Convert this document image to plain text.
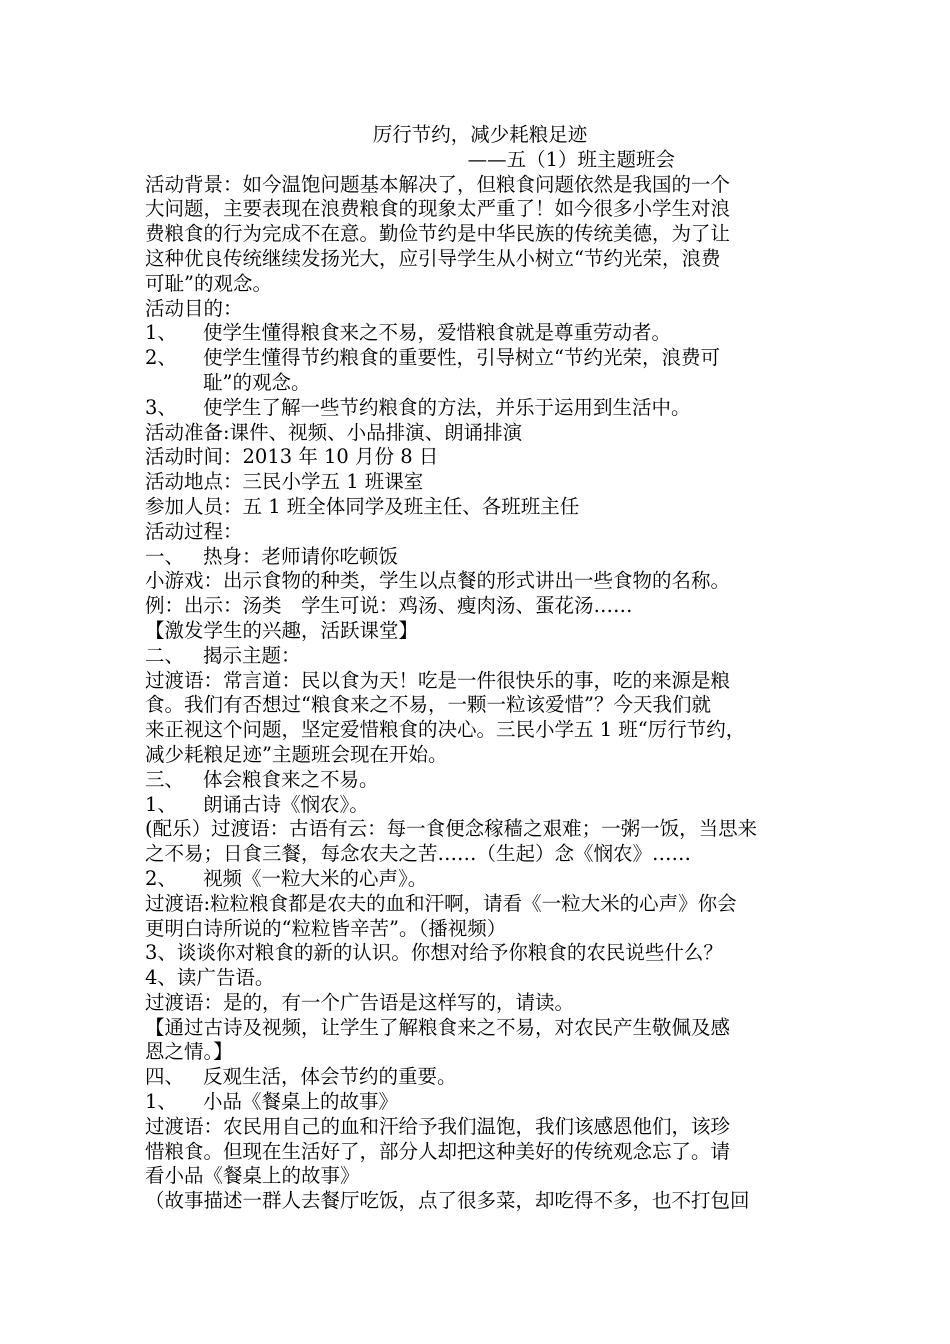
厉行节约，减少耗粮足迹
——五（1）班主题班会
活动背景：如今温饱问题基本解决了，但粮食问题依然是我国的一个
大问题，主要表现在浪费粮食的现象太严重了！如今很多小学生对浪
费粮食的行为完成不在意。勤俭节约是中华民族的传统美德，为了让
这种优良传统继续发扬光大，应引导学生从小树立“节约光荣，浪费
可耻”的观念。
活动目的：
1、 使学生懂得粮食来之不易，爱惜粮食就是尊重劳动者。
2、 使学生懂得节约粮食的重要性，引导树立“节约光荣，浪费可
耻”的观念。
3、 使学生了解一些节约粮食的方法，并乐于运用到生活中。
活动准备:课件、视频、小品排演、朗诵排演
活动时间：2013 年 10 月份 8 日
活动地点：三民小学五 1 班课室
参加人员：五 1 班全体同学及班主任、各班班主任
活动过程：
一、 热身：老师请你吃顿饭
小游戏：出示食物的种类，学生以点餐的形式讲出一些食物的名称。
例：出示：汤类　学生可说：鸡汤、瘦肉汤、蛋花汤……
【激发学生的兴趣，活跃课堂】
二、 揭示主题：
过渡语：常言道：民以食为天！吃是一件很快乐的事，吃的来源是粮
食。我们有否想过“粮食来之不易，一颗一粒该爱惜”？今天我们就
来正视这个问题，坚定爱惜粮食的决心。三民小学五 1 班“厉行节约，
减少耗粮足迹”主题班会现在开始。
三、 体会粮食来之不易。
1、 朗诵古诗《悯农》。
(配乐）过渡语：古语有云：每一食便念稼穑之艰难；一粥一饭，当思来
之不易；日食三餐，每念农夫之苦……（生起）念《悯农》……
2、 视频《一粒大米的心声》。
过渡语:粒粒粮食都是农夫的血和汗啊，请看《一粒大米的心声》你会
更明白诗所说的“粒粒皆辛苦”。（播视频）
3、谈谈你对粮食的新的认识。你想对给予你粮食的农民说些什么？
4、读广告语。
过渡语：是的，有一个广告语是这样写的，请读。
【通过古诗及视频，让学生了解粮食来之不易，对农民产生敬佩及感
恩之情。】
四、 反观生活，体会节约的重要。
1、 小品《餐桌上的故事》
过渡语：农民用自己的血和汗给予我们温饱，我们该感恩他们，该珍
惜粮食。但现在生活好了，部分人却把这种美好的传统观念忘了。请
看小品《餐桌上的故事》
（故事描述一群人去餐厅吃饭，点了很多菜，却吃得不多，也不打包回
